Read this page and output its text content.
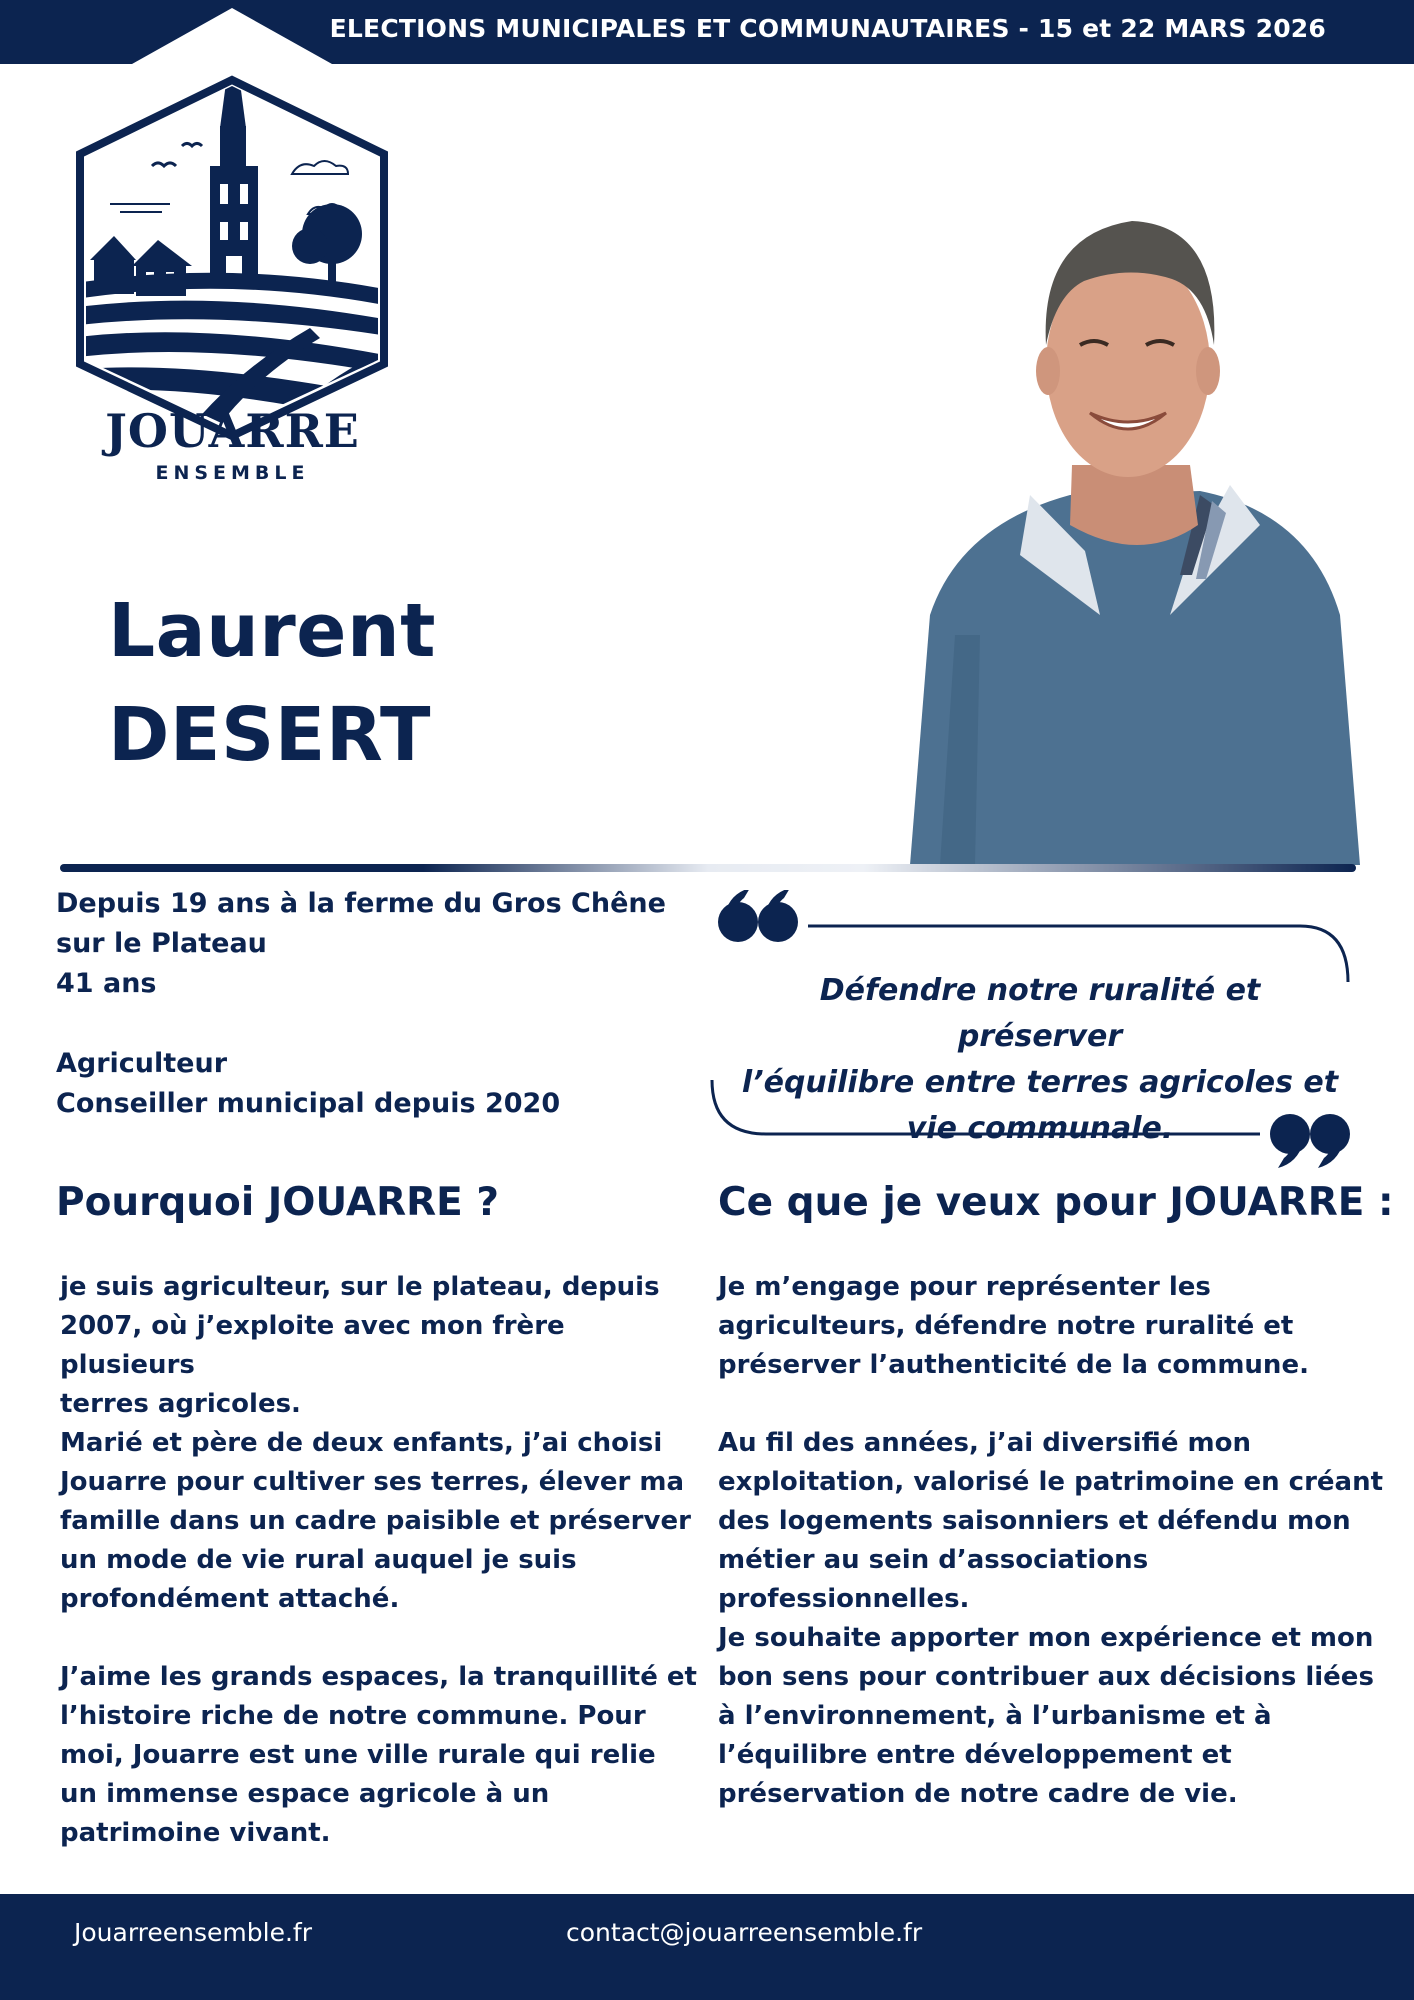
ELECTIONS MUNICIPALES ET COMMUNAUTAIRES - 15 et 22 MARS 2026
JOUARRE
ENSEMBLE
Laurent
DESERT
Depuis 19 ans à la ferme du Gros Chêne
sur le Plateau
41 ans
Agriculteur
Conseiller municipal depuis 2020
Défendre notre ruralité et préserver
l’équilibre entre terres agricoles et
vie communale.
Pourquoi JOUARRE ?	Ce que je veux pour JOUARRE :

je suis agriculteur, sur le plateau, depuis
2007, où j’exploite avec mon frère plusieurs
terres agricoles.
Marié et père de deux enfants, j’ai choisi
Jouarre pour cultiver ses terres, élever ma
famille dans un cadre paisible et préserver
un mode de vie rural auquel je suis
profondément attaché.

J’aime les grands espaces, la tranquillité et
l’histoire riche de notre commune. Pour
moi, Jouarre est une ville rurale qui relie
un immense espace agricole à un
patrimoine vivant.

Je m’engage pour représenter les
agriculteurs, défendre notre ruralité et
préserver l’authenticité de la commune.

Au fil des années, j’ai diversifié mon
exploitation, valorisé le patrimoine en créant
des logements saisonniers et défendu mon
métier au sein d’associations
professionnelles.
Je souhaite apporter mon expérience et mon
bon sens pour contribuer aux décisions liées
à l’environnement, à l’urbanisme et à
l’équilibre entre développement et
préservation de notre cadre de vie.

Jouarreensemble.fr	contact@jouarreensemble.fr
